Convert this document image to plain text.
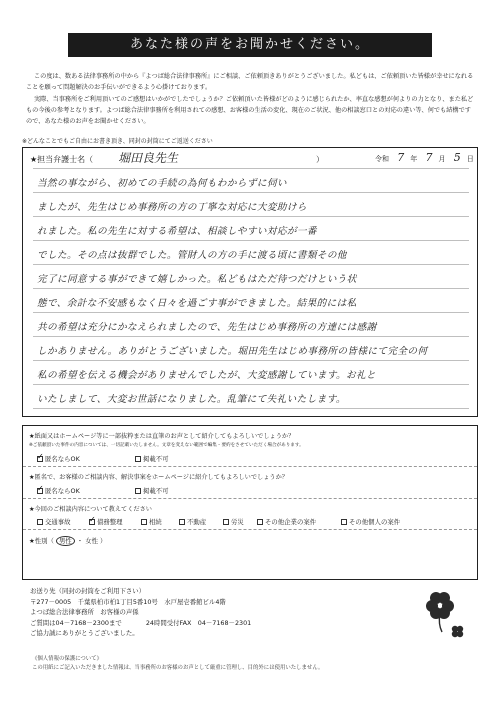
あなた様の声をお聞かせください。

この度は、数ある法律事務所の中から『よつば総合法律事務所』にご相談、ご依頼頂きありがとうございました。私どもは、ご依頼頂いた皆様が幸せになれることを願って問題解決のお手伝いができるよう心掛けております。

実際、当事務所をご利用頂いてのご感想はいかがでしたでしょうか？ご依頼頂いた皆様がどのように感じられたか、率直な感想が何よりの力となり、また私どもの今後の参考となります。よつば総合法律事務所を利用されての感想、お客様の生活の変化、現在のご状況、他の相談窓口との対応の違い等、何でも結構ですので、あなた様のお声をお聞かせください。

※どんなことでもご自由にお書き頂き、同封の封筒にてご返送ください
★担当弁護士名（ 堀田良先生	）	令和 7 年 7 月 5 日
当然の事ながら、初めての手続の為何もわからずに伺い
ましたが、先生はじめ事務所の方の丁寧な対応に大変助けら
れました。私の先生に対する希望は、相談しやすい対応が一番
でした。その点は抜群でした。管財人の方の手に渡る頃に書類その他
完了に同意する事ができて嬉しかった。私どもはただ待つだけという状
態で、余計な不安感もなく日々を過ごす事ができました。結果的には私
共の希望は充分にかなえられましたので、先生はじめ事務所の方達には感謝
しかありません。ありがとうございました。堀田先生はじめ事務所の皆様にて完全の何
私の希望を伝える機会がありませんでしたが、大変感謝しています。お礼と
いたしまして、大変お世話になりました。乱筆にて失礼いたします。
★紙面又はホームページ等に一部抜粋または直筆のお声として紹介してもよろしいでしょうか？
※ご依頼頂いた事件の内容については、一切記載いたしません。文章を変えない範囲で編集・要約をさせていただく場合があります。
✓匿名ならOK	掲載不可
★匿名で、お客様のご相談内容、解決事案をホームページに紹介してもよろしいでしょうか？
✓匿名ならOK	掲載不可
★今回のご相談内容について教えてください
交通事故
✓	債務整理	相続	不動産	労災	その他企業の案件	その他個人の案件
★性別（ 男性 ・ 女性 ）
お送り先（同封の封筒をご利用下さい）
〒277－0005　千葉県柏市柏1丁目5番10号　水戸屋壱番館ビル4階
よつば総合法律事務所　お客様の声係
ご質問は04－7168－2300まで	24時間受付FAX　04－7168－2301
ご協力誠にありがとうございました。
《個人情報の保護について》
この用紙にご記入いただきました情報は、当事務所のお客様のお声として厳重に管理し、目的外には使用いたしません。
